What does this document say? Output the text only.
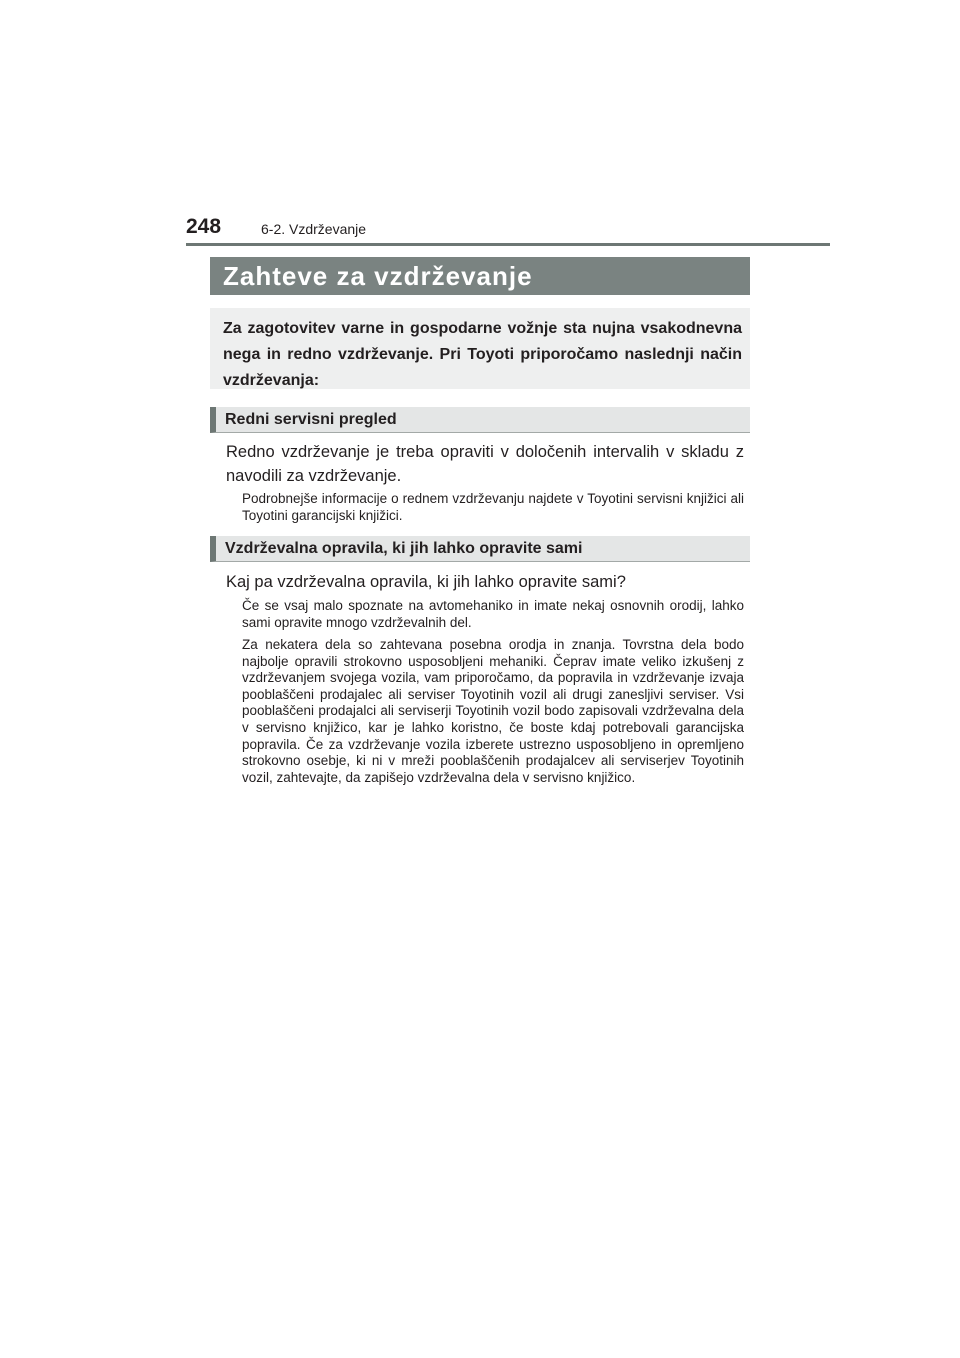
248	6-2. Vzdrževanje
Zahteve za vzdrževanje
Za zagotovitev varne in gospodarne vožnje sta nujna vsakodnevna nega in redno vzdrževanje. Pri Toyoti priporočamo naslednji način vzdrževanja:
Redni servisni pregled
Redno vzdrževanje je treba opraviti v določenih intervalih v skladu z navodili za vzdrževanje.
Podrobnejše informacije o rednem vzdrževanju najdete v Toyotini servisni knjižici ali Toyotini garancijski knjižici.
Vzdrževalna opravila, ki jih lahko opravite sami
Kaj pa vzdrževalna opravila, ki jih lahko opravite sami?
Če se vsaj malo spoznate na avtomehaniko in imate nekaj osnovnih orodij, lahko sami opravite mnogo vzdrževalnih del.
Za nekatera dela so zahtevana posebna orodja in znanja. Tovrstna dela bodo najbolje opravili strokovno usposobljeni mehaniki. Čeprav imate veliko izkušenj z vzdrževanjem svojega vozila, vam priporočamo, da popravila in vzdrževanje izvaja pooblaščeni prodajalec ali serviser Toyotinih vozil ali drugi zanesljivi serviser. Vsi pooblaščeni prodajalci ali serviserji Toyotinih vozil bodo zapisovali vzdrževalna dela v servisno knjižico, kar je lahko koristno, če boste kdaj potrebovali garancijska popravila. Če za vzdrževanje vozila izberete ustrezno usposobljeno in opremljeno strokovno osebje, ki ni v mreži pooblaščenih prodajalcev ali serviserjev Toyotinih vozil, zahtevajte, da zapišejo vzdrževalna dela v servisno knjižico.
